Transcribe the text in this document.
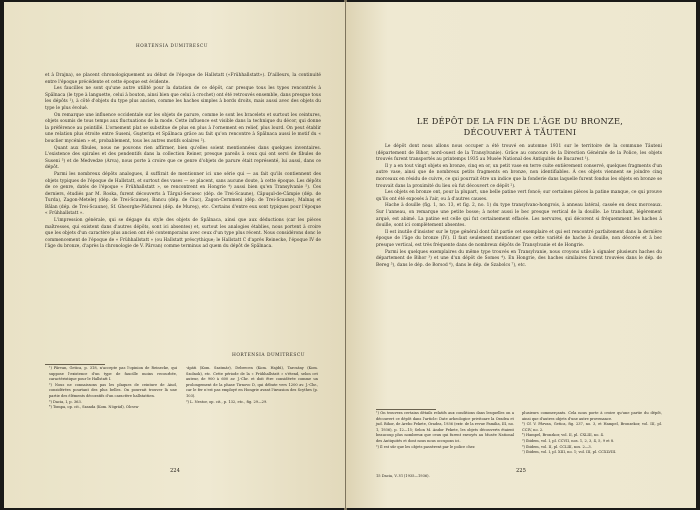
HORTENSIA DUMITRESCU

et à Drajna), se placent chronologiquement au début de l'époque de Hallstatt («Frühhallstatt»). D'ailleurs, la continuité entre l'époque précédente et cette époque est évidente.

Les faucilles ne sont qu'une autre utilité pour la datation de ce dépôt, car presque tous les types rencontrés à Spălnaca (le type à languette, celui à bouton, ainsi bien que celui à crochet) ont été retrouvés ensemble, dans presque tous les dépôts ¹), à côté d'objets du type plus ancien, comme les haches simples à bords droits, mais aussi avec des objets du type le plus évolué.

On remarque une influence occidentale sur les objets de parure, comme le sont les bracelets et surtout les ceintures, objets soumis de tous temps aux fluctuations de la mode. Cette influence est visible dans la technique du décor, qui donne la préférence au pointillé. L'ornement plat se substitue de plus en plus à l'ornement en relief, plus lourd. On peut établir une relation plus étroite entre Suseni, Guşteriţa et Spălnaca grâce au fait qu'on rencontre à Spălnaca aussi le motif du « bouclier mycénien » et, probablement, tous les autres motifs solaires ²).

Quant aux fibules, nous ne pouvons rien affirmer, bien qu'elles soient mentionnées dans quelques inventaires. L'existence des spirales et des pendentifs dans la collection Reiner, presque pareils à ceux qui ont servi de fibules de Suseni ³) et de Medvedze (Arva), nous porte à croire que ce genre d'objets de parure était représenté, lui aussi, dans ce dépôt.

Parmi les nombreux dépôts analogues, il suffirait de mentionner ici une série qui — au fait qu'ils contiennent des objets typiques de l'époque de Hallstatt, et surtout des vases — se placent, sans aucune doute, à cette époque. Les dépôts de ce genre, datés de l'époque « Frühhallstatt », se rencontrent en Hongrie ⁴) aussi bien qu'en Transylvanie ⁵). Ces derniers, étudiés par M. Roska, furent découverts à Tărgul-Secuesc (dép. de Trei-Scaune), Căpuşul-de-Câmpie (dép. de Turda), Zagon-Meteleţ (dép. de Trei-Scaune), Bancu (dép. de Ciuc), Zagon-Cernmeni (dép. de Trei-Scaune), Malnaş et Bălan (dép. de Trei-Scaune), Sf. Gheorghe-Pădureni (dép. de Mureş), etc. Certains d'entre eux sont typiques pour l'époque « Frühhallstatt ».

L'impression générale, qui se dégage du style des objets de Spălnaca, ainsi que aux déductions (car les pièces maîtresses, qui existent dans d'autres dépôts, sont ici absentes) et, surtout les analogies établies, nous portent à croire que les objets d'un caractère plus ancien ont été contemporains avec ceux d'un type plus récent. Nous considérons donc le commencement de l'époque de « Frühhallstatt » (ou Hallstatt préscythique; le Hallstatt C d'après Reinecke, l'époque IV de l'âge du bronze, d'après la chronologie de V. Pârvan) comme terminus ad quem du dépôt de Spălnaca.

HORTENSIA DUMITRESCU

¹) Pârvan, Getica, p. 318, n'accepte pas l'opinion de Reinecke, qui suppose l'existence d'un type de faucille moins recourbée, caractéristique pour le Hallstatt I.

²) Nous ne connaissons pas les plaques de ceinture de Aiud, considérées pourtant des plus belles. On pourrait trouver là une partie des éléments décoratifs d'un caractère hallstattien.

³) Dacia, I, p. 363.

⁴) Tompa, op. cit., Szanda (Kom. Nógrád), Olcsva-

-ápáti (Kom. Szatmár), Debrecen (Kom. Hajdú), Tarcsány (Kom. Szolnok), etc. Cette période de la « Frühhallstatt » s'étend, selon cet auteur, de 900 à 600 av. J.-Chr. et doit être considérée comme un prolongement de la phase Tirnovo D, qui débute vers 1200 av. J.-Chr., car le fer n'est pas employé en Hongrie avant l'invasion des Scythes (p. 103).

⁵) L. Nestor, op. cit., p. 132, etc., fig. 29—29.

224
LE DÉPÔT DE LA FIN DE L'ÂGE DU BRONZE,
DÉCOUVERT À TĂUTENI

Le dépôt dont nous allons nous occuper a été trouvé en automne 1931 sur le territoire de la commune Tăuteni (département de Bihor, nord-ouest de la Transylvanie). Grâce au concours de la Direction Générale de la Police, les objets trouvés furent transportés au printemps 1935 au Musée National des Antiquités de Bucarest ¹).

Il y a en tout vingt objets en bronze, cinq en or, un petit vase en terre cuite entièrement conservé, quelques fragments d'un autre vase, ainsi que de nombreux petits fragments en bronze, non identifiables. À ces objets viennent se joindre cinq morceaux en résidu de cuivre, ce qui pourrait être un indice que la fonderie dans laquelle furent fondus les objets en bronze se trouvait dans la proximité du lieu où fut découvert ce dépôt ²).

Les objets en bronze ont, pour la plupart, une belle patine vert foncé; sur certaines pièces la patine manque, ce qui prouve qu'ils ont été exposés à l'air, ou à d'autres causes.

Hache à douille (fig. 1, no. 13, et fig. 2, no. 1) du type transylvano-hongrois, à anneau latéral, cassée en deux morceaux. Sur l'anneau, on remarque une petite bosse; à noter aussi le bec presque vertical de la douille. Le tranchant, légèrement arqué, est abimé. La patine est celle qui fut certainement effacée. Les nervures, qui décorent si fréquemment les haches à douille, sont ici complètement absentes.

Il est inutile d'insister sur le type général dont fait partie cet exemplaire et qui est rencontré parfaitement dans la dernière époque de l'âge du bronze (IV). Il faut seulement mentionner que cette variété de hache à douille, non décorée et à bec presque vertical, est très fréquente dans de nombreux dépôts de Transylvanie et de Hongrie.

Parmi les quelques exemplaires du même type trouvés en Transylvanie, nous croyons utile à signaler plusieurs haches du département de Bihor ³) et une d'un dépôt de Somes ⁴). En Hongrie, des haches similaires furent trouvées dans le dép. de Bereg ⁵), dans le dép. de Borsod ⁶), dans le dép. de Szabolcs ⁷), etc.

¹) On trouvera certains détails relatifs aux conditions dans lesquelles on a découvert ce dépôt dans l'article: Date arheologice privitoare la Oradea et jud. Bihor, de Arebo Fekete, Oradea, 1936 (extr. de la revue Familia, III, no. 1, 1936), p. 12—15; Selon M. Andor Fekete, les objets découverts étaient beaucoup plus nombreux que ceux qui furent envoyés au Musée National des Antiquités et dont nous nous occupons ici.

²) Il est sûr que les objets passèrent par le police chez

plusieurs commerçants. Cela nous porte à croire qu'une partie du dépôt, ainsi que d'autres objets d'une autre provenance.

³) Cf. V. Pârvan, Getica, fig. 237, no. 3, et Hampel, Bronzekor, vol. III, pl. CCIV, no. 2.

⁴) Hampel, Bronzkor, vol. II, pl. CXLIII, no. 4.

⁵) Ibidem, vol. I, pl. CCVII, nos. 1, 2, 3, 4, 5, 9 et 8.

⁶) Ibidem, vol. II, pl. CCLIII, nos. 2—3.

⁷) Ibidem, vol. I, pl. XIII, no. 1; vol. III, pl. CCXLVIII.

15 Dacia, V–VI (1935—1936).
225
